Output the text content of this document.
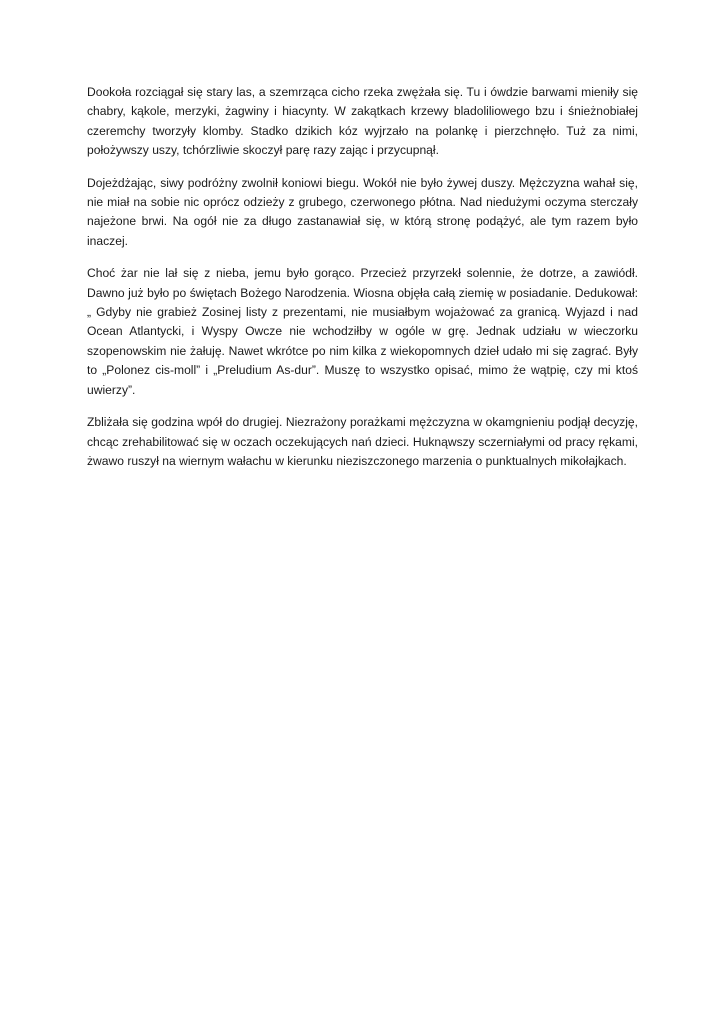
Dookoła rozciągał się stary las, a szemrząca cicho rzeka zwężała się. Tu i ówdzie barwami mieniły się chabry, kąkole, merzyki, żagwiny i hiacynty. W zakątkach krzewy bladoliliowego bzu i śnieżnobiałej czeremchy tworzyły klomby. Stadko dzikich kóz wyjrzało na polankę i pierzchnęło. Tuż za nimi, położywszy uszy, tchórzliwie skoczył parę razy zając i przycupnął.

Dojeżdżając, siwy podróżny zwolnił koniowi biegu. Wokół nie było żywej duszy. Mężczyzna wahał się, nie miał na sobie nic oprócz odzieży z grubego, czerwonego płótna. Nad niedużymi oczyma sterczały najeżone brwi. Na ogół nie za długo zastanawiał się, w którą stronę podążyć, ale tym razem było inaczej.

Choć żar nie lał się z nieba, jemu było gorąco. Przecież przyrzekł solennie, że dotrze, a zawiódł. Dawno już było po świętach Bożego Narodzenia. Wiosna objęła całą ziemię w posiadanie. Dedukował: „ Gdyby nie grabież Zosinej listy z prezentami, nie musiałbym wojażować za granicą. Wyjazd i nad Ocean Atlantycki, i Wyspy Owcze nie wchodziłby w ogóle w grę. Jednak udziału w wieczorku szopenowskim nie żałuję. Nawet wkrótce po nim kilka z wiekopomnych dzieł udało mi się zagrać. Były to „Polonez cis-moll” i „Preludium As-dur”. Muszę to wszystko opisać, mimo że wątpię, czy mi ktoś uwierzy”.

Zbliżała się godzina wpół do drugiej. Niezrażony porażkami mężczyzna w okamgnieniu podjął decyzję, chcąc zrehabilitować się w oczach oczekujących nań dzieci. Huknąwszy sczerniałymi od pracy rękami, żwawo ruszył na wiernym wałachu w kierunku nieziszczonego marzenia o punktualnych mikołajkach.
